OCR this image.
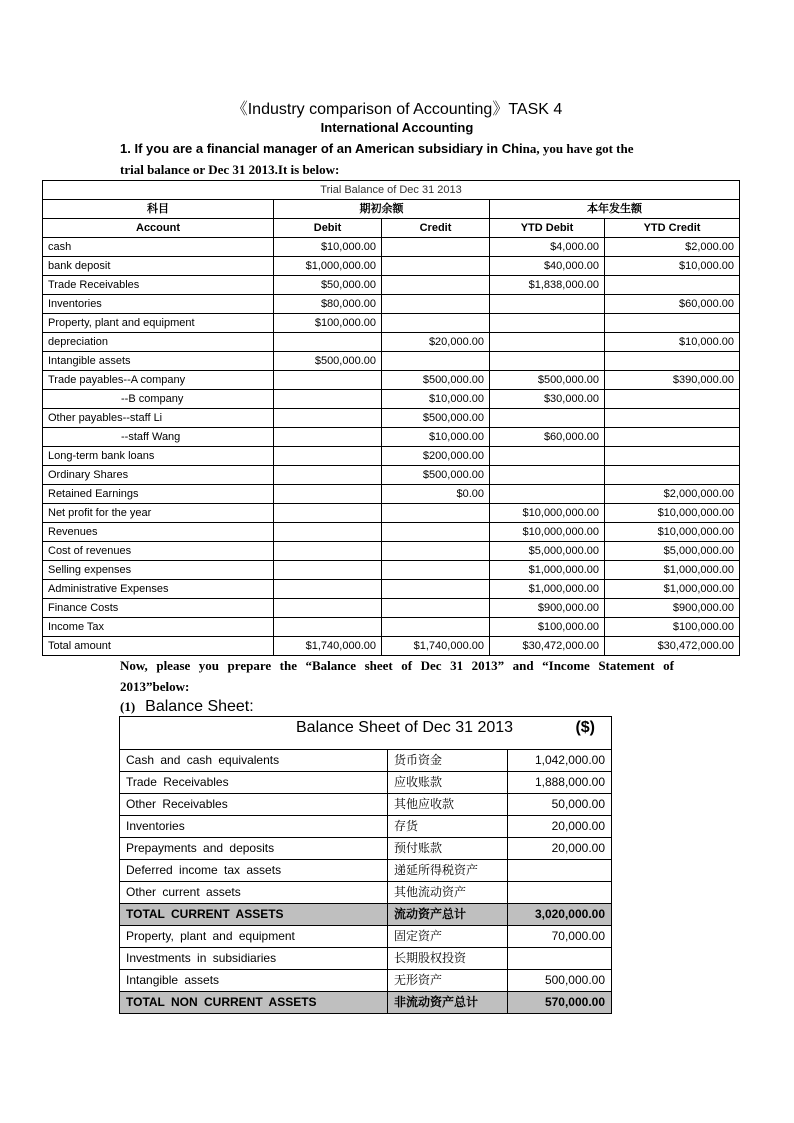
《Industry comparison of Accounting》TASK 4
International Accounting
1. If you are a financial manager of an American subsidiary in China, you have got the
trial balance or Dec 31 2013.It is below:
Trial Balance of Dec 31 2013				
科目	期初余额		本年发生额	
Account	Debit	Credit	YTD Debit	YTD Credit
cash	$10,000.00		$4,000.00	$2,000.00
bank deposit	$1,000,000.00		$40,000.00	$10,000.00
Trade Receivables	$50,000.00		$1,838,000.00	
Inventories	$80,000.00			$60,000.00
Property, plant and equipment	$100,000.00			
depreciation		$20,000.00		$10,000.00
Intangible assets	$500,000.00			
Trade payables--A company		$500,000.00	$500,000.00	$390,000.00
--B company		$10,000.00	$30,000.00	
Other payables--staff Li		$500,000.00		
--staff Wang		$10,000.00	$60,000.00	
Long-term bank loans		$200,000.00		
Ordinary Shares		$500,000.00		
Retained Earnings		$0.00		$2,000,000.00
Net profit for the year			$10,000,000.00	$10,000,000.00
Revenues			$10,000,000.00	$10,000,000.00
Cost of revenues			$5,000,000.00	$5,000,000.00
Selling expenses			$1,000,000.00	$1,000,000.00
Administrative Expenses			$1,000,000.00	$1,000,000.00
Finance Costs			$900,000.00	$900,000.00
Income Tax			$100,000.00	$100,000.00
Total amount	$1,740,000.00	$1,740,000.00	$30,472,000.00	$30,472,000.00
Now, please you prepare the “Balance sheet of Dec 31 2013” and “Income Statement of
2013”below:
(1) Balance Sheet:
Balance Sheet of Dec 31 2013 ($)		

Cash and cash equivalents	货币资金	1,042,000.00
Trade Receivables	应收账款	1,888,000.00
Other Receivables	其他应收款	50,000.00
Inventories	存货	20,000.00
Prepayments and deposits	预付账款	20,000.00
Deferred income tax assets	递延所得税资产	
Other current assets	其他流动资产	
TOTAL CURRENT ASSETS	流动资产总计	3,020,000.00
Property, plant and equipment	固定资产	70,000.00
Investments in subsidiaries	长期股权投资	
Intangible assets	无形资产	500,000.00
TOTAL NON CURRENT ASSETS	非流动资产总计	570,000.00
